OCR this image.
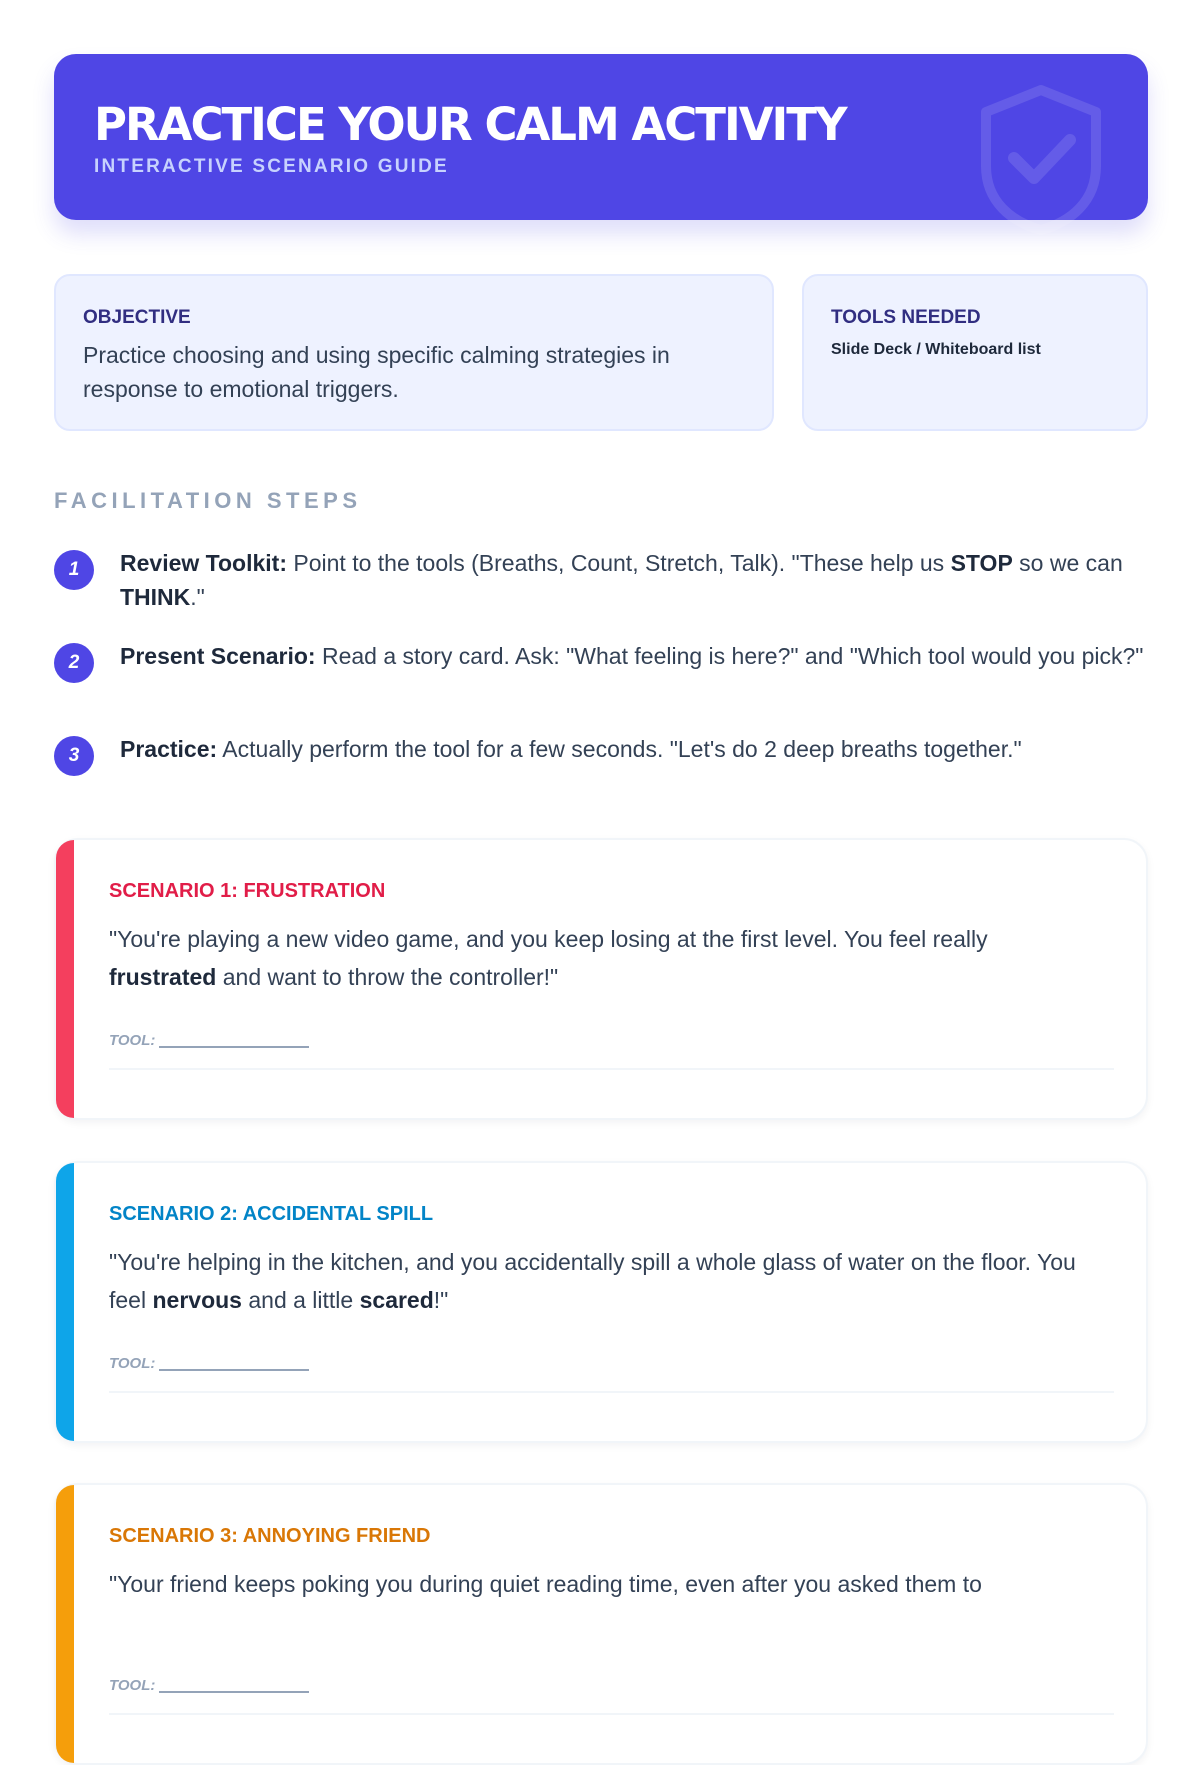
PRACTICE YOUR CALM ACTIVITY
INTERACTIVE SCENARIO GUIDE
OBJECTIVE
Practice choosing and using specific calming strategies in response to emotional triggers.
TOOLS NEEDED
Slide Deck / Whiteboard list
FACILITATION STEPS
1	Review Toolkit: Point to the tools (Breaths, Count, Stretch, Talk). "These help us STOP so we can THINK."
2	Present Scenario: Read a story card. Ask: "What feeling is here?" and "Which tool would you pick?"
3	Practice: Actually perform the tool for a few seconds. "Let's do 2 deep breaths together."
SCENARIO 1: FRUSTRATION
"You're playing a new video game, and you keep losing at the first level. You feel really frustrated and want to throw the controller!"
TOOL:
SCENARIO 2: ACCIDENTAL SPILL
"You're helping in the kitchen, and you accidentally spill a whole glass of water on the floor. You feel nervous and a little scared!"
TOOL:
SCENARIO 3: ANNOYING FRIEND
"Your friend keeps poking you during quiet reading time, even after you asked them to
TOOL:
